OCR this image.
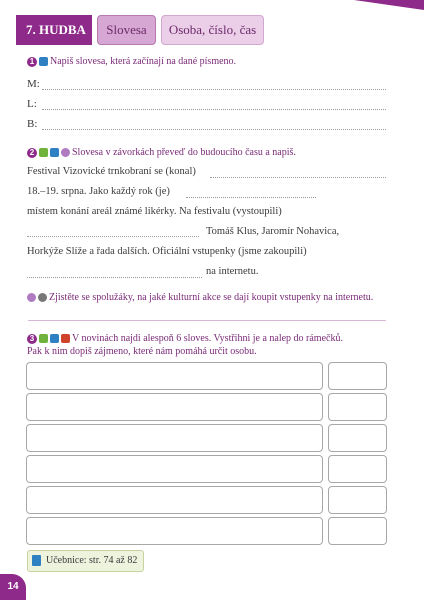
7. HUDBA	Slovesa	Osoba, číslo, čas
1 Napiš slovesa, která začínají na dané písmeno.
M:
L:
B:
2	Slovesa v závorkách převeď do budoucího času a napiš.
Festival Vizovické trnkobraní se (konal)
18.–19. srpna. Jako každý rok (je)
místem konání areál známé likérky. Na festivalu (vystoupili)
Tomáš Klus, Jaromír Nohavica,
Horkýže Slíže a řada dalších. Oficiální vstupenky (jsme zakoupili)
na internetu.
Zjistěte se spolužáky, na jaké kulturní akce se dají koupit vstupenky na internetu.
3	V novinách najdi alespoň 6 sloves. Vystřihni je a nalep do rámečků.
Pak k nim dopiš zájmeno, které nám pomáhá určit osobu.
Učebnice: str. 74 až 82
14
